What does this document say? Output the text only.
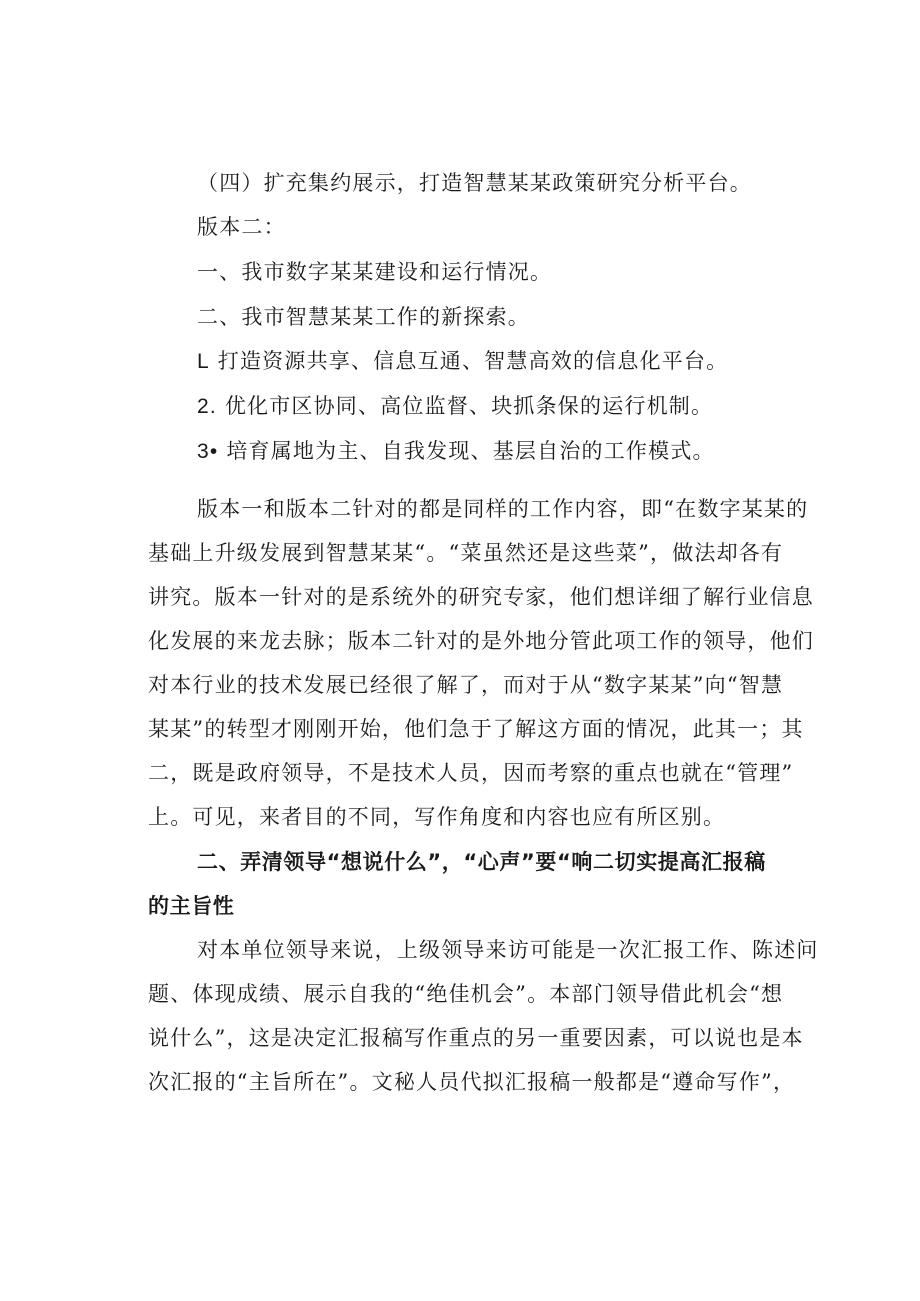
（四）扩充集约展示，打造智慧某某政策研究分析平台。
版本二：
一、我市数字某某建设和运行情况。
二、我市智慧某某工作的新探索。
L 打造资源共享、信息互通、智慧高效的信息化平台。
2. 优化市区协同、高位监督、块抓条保的运行机制。
3• 培育属地为主、自我发现、基层自治的工作模式。
版本一和版本二针对的都是同样的工作内容，即“在数字某某的
基础上升级发展到智慧某某“。“菜虽然还是这些菜”，做法却各有
讲究。版本一针对的是系统外的研究专家，他们想详细了解行业信息
化发展的来龙去脉；版本二针对的是外地分管此项工作的领导，他们
对本行业的技术发展已经很了解了，而对于从“数字某某”向“智慧
某某”的转型才刚刚开始，他们急于了解这方面的情况，此其一；其
二，既是政府领导，不是技术人员，因而考察的重点也就在“管理”
上。可见，来者目的不同，写作角度和内容也应有所区别。
二、弄清领导“想说什么”，“心声”要“响二切实提高汇报稿
的主旨性
对本单位领导来说，上级领导来访可能是一次汇报工作、陈述问
题、体现成绩、展示自我的“绝佳机会”。本部门领导借此机会“想
说什么”，这是决定汇报稿写作重点的另一重要因素，可以说也是本
次汇报的“主旨所在”。文秘人员代拟汇报稿一般都是“遵命写作”，
